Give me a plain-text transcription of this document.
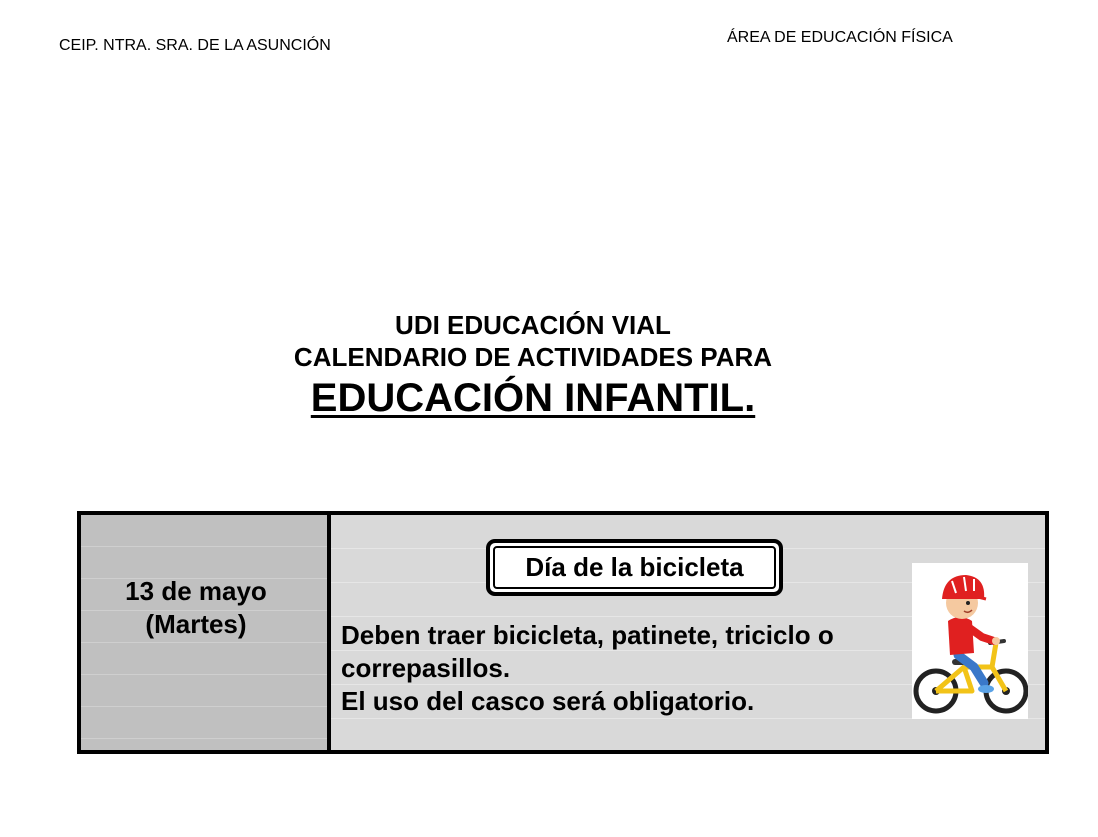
CEIP. NTRA. SRA. DE LA ASUNCIÓN	ÁREA DE EDUCACIÓN FÍSICA
UDI EDUCACIÓN VIAL
CALENDARIO DE ACTIVIDADES PARA
EDUCACIÓN INFANTIL.
13 de mayo
(Martes)
Día de la bicicleta
Deben traer bicicleta, patinete, triciclo o
correpasillos.
El uso del casco será obligatorio.
